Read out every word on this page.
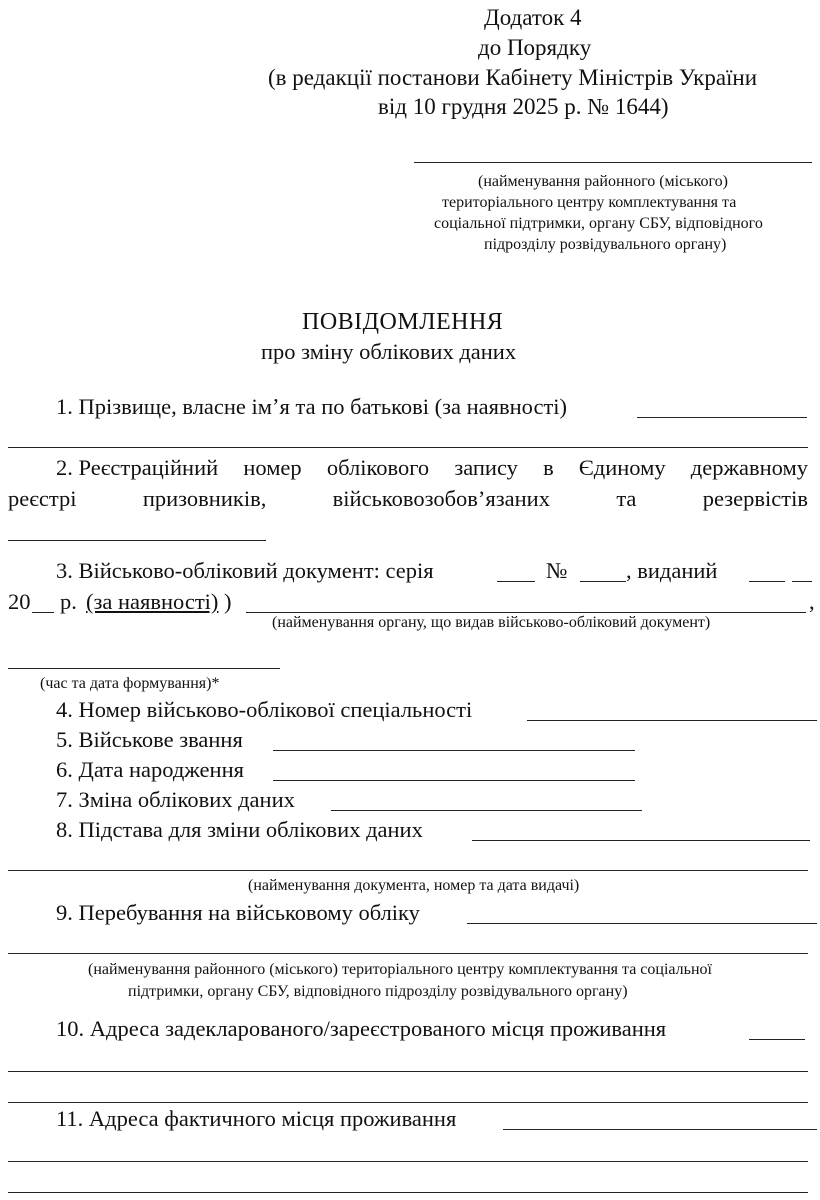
Додаток 4
до Порядку
(в редакції постанови Кабінету Міністрів України
від 10 грудня 2025 р. № 1644)
(найменування районного (міського)
територіального центру комплектування та
соціальної підтримки, органу СБУ, відповідного
підрозділу розвідувального органу)
ПОВІДОМЛЕННЯ
про зміну облікових даних
1. Прізвище, власне імʼя та по батькові (за наявності)
2. Реєстраційний номер облікового запису в Єдиному державному
реєстрі	призовників,	військовозобов’язаних	та	резервістів
3. Військово-обліковий документ: серія	№	, виданий
20 р. (за наявності) )	,
(найменування органу, що видав військово-обліковий документ)
(час та дата формування)*
4. Номер військово-облікової спеціальності
5. Військове звання
6. Дата народження
7. Зміна облікових даних
8. Підстава для зміни облікових даних
(найменування документа, номер та дата видачі)
9. Перебування на військовому обліку
(найменування районного (міського) територіального центру комплектування та соціальної
підтримки, органу СБУ, відповідного підрозділу розвідувального органу)
10. Адреса задекларованого/зареєстрованого місця проживання
11. Адреса фактичного місця проживання
